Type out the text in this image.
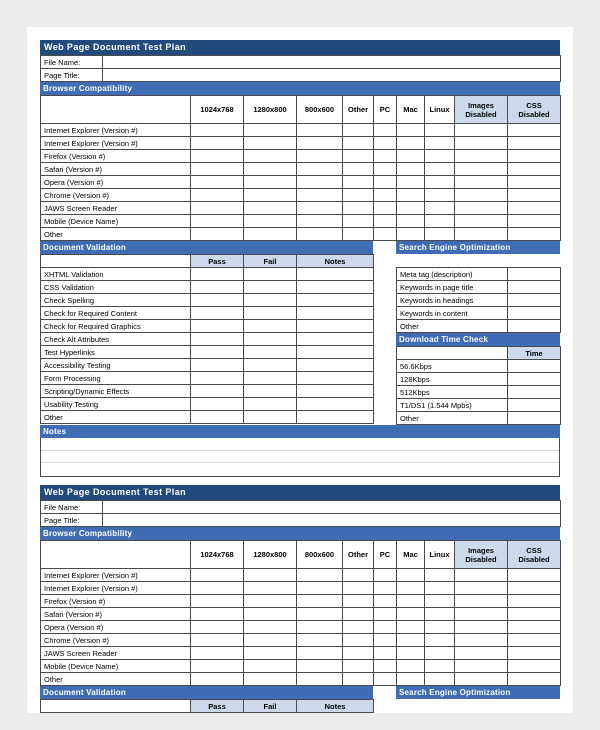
Web Page Document Test Plan
File Name:	
Page Title:	
Browser Compatibility
	1024x768	1280x800	800x600	Other	PC	Mac	Linux	Images Disabled	CSS Disabled
Internet Explorer (Version #)									
Internet Explorer (Version #)									
Firefox (Version #)									
Safari (Version #)									
Opera (Version #)									
Chrome (Version #)									
JAWS Screen Reader									
Mobile (Device Name)									
Other									
Document Validation
	Pass	Fail	Notes
XHTML Validation			
CSS Validation			
Check Spelling			
Check for Required Content			
Check for Required Graphics			
Check Alt Attributes			
Test Hyperlinks			
Accessibility Testing			
Form Processing			
Scripting/Dynamic Effects			
Usability Testing			
Other			
Search Engine Optimization
Meta tag (description)	
Keywords in page title	
Keywords in headings	
Keywords in content	
Other	
Download Time Check
	Time
56.6Kbps	
128Kbps	
512Kbps	
T1/DS1 (1.544 Mpbs)	
Other	
Notes
Web Page Document Test Plan
File Name:	
Page Title:	
Browser Compatibility
	1024x768	1280x800	800x600	Other	PC	Mac	Linux	Images Disabled	CSS Disabled
Internet Explorer (Version #)									
Internet Explorer (Version #)									
Firefox (Version #)									
Safari (Version #)									
Opera (Version #)									
Chrome (Version #)									
JAWS Screen Reader									
Mobile (Device Name)									
Other									
Document Validation
	Pass	Fail	Notes
Search Engine Optimization
